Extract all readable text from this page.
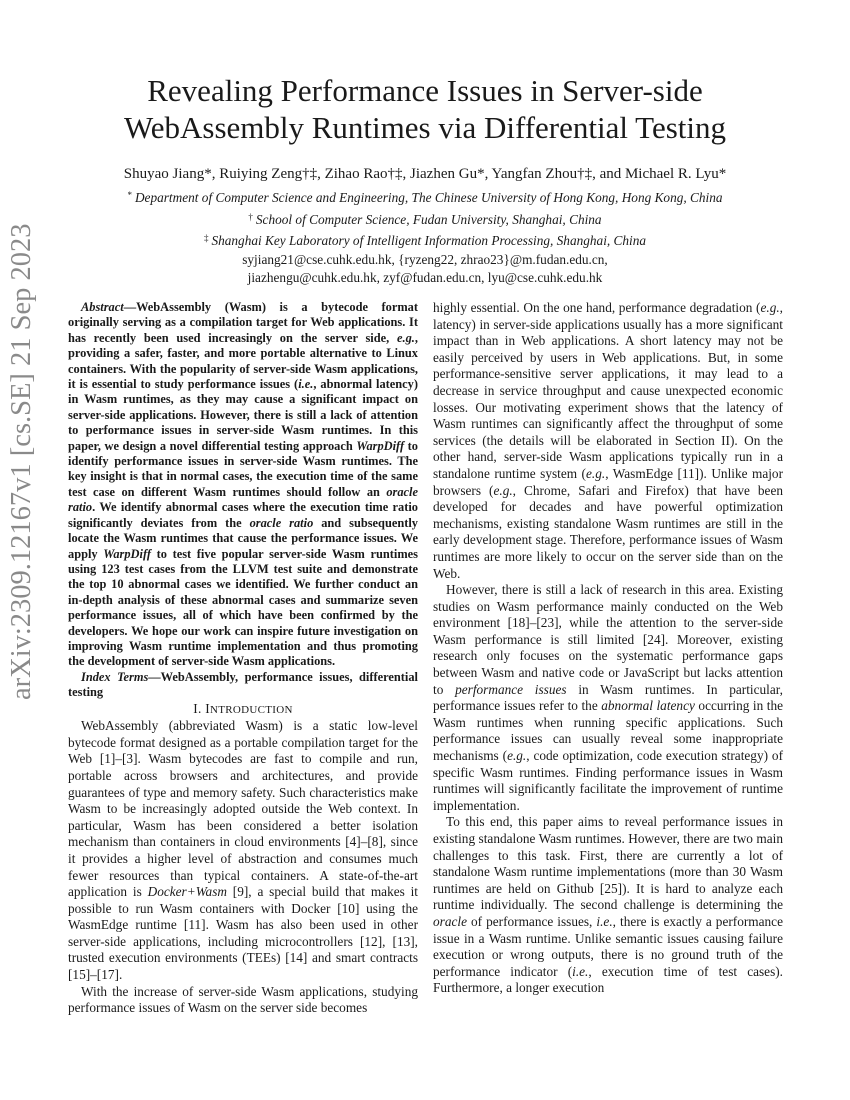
Revealing Performance Issues in Server-side
WebAssembly Runtimes via Differential Testing
Shuyao Jiang*, Ruiying Zeng†‡, Zihao Rao†‡, Jiazhen Gu*, Yangfan Zhou†‡, and Michael R. Lyu*
* Department of Computer Science and Engineering, The Chinese University of Hong Kong, Hong Kong, China
† School of Computer Science, Fudan University, Shanghai, China
‡ Shanghai Key Laboratory of Intelligent Information Processing, Shanghai, China
syjiang21@cse.cuhk.edu.hk, {ryzeng22, zhrao23}@m.fudan.edu.cn,
jiazhengu@cuhk.edu.hk, zyf@fudan.edu.cn, lyu@cse.cuhk.edu.hk
arXiv:2309.12167v1 [cs.SE] 21 Sep 2023	Abstract—WebAssembly (Wasm) is a bytecode format originally serving as a compilation target for Web applications. It has recently been used increasingly on the server side, e.g., providing a safer, faster, and more portable alternative to Linux containers. With the popularity of server-side Wasm applications, it is essential to study performance issues (i.e., abnormal latency) in Wasm runtimes, as they may cause a significant impact on server-side applications. However, there is still a lack of attention to performance issues in server-side Wasm runtimes. In this paper, we design a novel differential testing approach WarpDiff to identify performance issues in server-side Wasm runtimes. The key insight is that in normal cases, the execution time of the same test case on different Wasm runtimes should follow an oracle ratio. We identify abnormal cases where the execution time ratio significantly deviates from the oracle ratio and subsequently locate the Wasm runtimes that cause the performance issues. We apply WarpDiff to test five popular server-side Wasm runtimes using 123 test cases from the LLVM test suite and demonstrate the top 10 abnormal cases we identified. We further conduct an in-depth analysis of these abnormal cases and summarize seven performance issues, all of which have been confirmed by the developers. We hope our work can inspire future investigation on improving Wasm runtime implementation and thus promoting the development of server-side Wasm applications.

Index Terms—WebAssembly, performance issues, differential testing

I. INTRODUCTION

WebAssembly (abbreviated Wasm) is a static low-level bytecode format designed as a portable compilation target for the Web [1]–[3]. Wasm bytecodes are fast to compile and run, portable across browsers and architectures, and provide guarantees of type and memory safety. Such characteristics make Wasm to be increasingly adopted outside the Web context. In particular, Wasm has been considered a better isolation mechanism than containers in cloud environments [4]–[8], since it provides a higher level of abstraction and consumes much fewer resources than typical containers. A state-of-the-art application is Docker+Wasm [9], a special build that makes it possible to run Wasm containers with Docker [10] using the WasmEdge runtime [11]. Wasm has also been used in other server-side applications, including microcontrollers [12], [13], trusted execution environments (TEEs) [14] and smart contracts [15]–[17].

With the increase of server-side Wasm applications, studying performance issues of Wasm on the server side becomes

highly essential. On the one hand, performance degradation (e.g., latency) in server-side applications usually has a more significant impact than in Web applications. A short latency may not be easily perceived by users in Web applications. But, in some performance-sensitive server applications, it may lead to a decrease in service throughput and cause unexpected economic losses. Our motivating experiment shows that the latency of Wasm runtimes can significantly affect the throughput of some services (the details will be elaborated in Section II). On the other hand, server-side Wasm applications typically run in a standalone runtime system (e.g., WasmEdge [11]). Unlike major browsers (e.g., Chrome, Safari and Firefox) that have been developed for decades and have powerful optimization mechanisms, existing standalone Wasm runtimes are still in the early development stage. Therefore, performance issues of Wasm runtimes are more likely to occur on the server side than on the Web.

However, there is still a lack of research in this area. Existing studies on Wasm performance mainly conducted on the Web environment [18]–[23], while the attention to the server-side Wasm performance is still limited [24]. Moreover, existing research only focuses on the systematic performance gaps between Wasm and native code or JavaScript but lacks attention to performance issues in Wasm runtimes. In particular, performance issues refer to the abnormal latency occurring in the Wasm runtimes when running specific applications. Such performance issues can usually reveal some inappropriate mechanisms (e.g., code optimization, code execution strategy) of specific Wasm runtimes. Finding performance issues in Wasm runtimes will significantly facilitate the improvement of runtime implementation.

To this end, this paper aims to reveal performance issues in existing standalone Wasm runtimes. However, there are two main challenges to this task. First, there are currently a lot of standalone Wasm runtime implementations (more than 30 Wasm runtimes are held on Github [25]). It is hard to analyze each runtime individually. The second challenge is determining the oracle of performance issues, i.e., there is exactly a performance issue in a Wasm runtime. Unlike semantic issues causing failure execution or wrong outputs, there is no ground truth of the performance indicator (i.e., execution time of test cases). Furthermore, a longer execution
